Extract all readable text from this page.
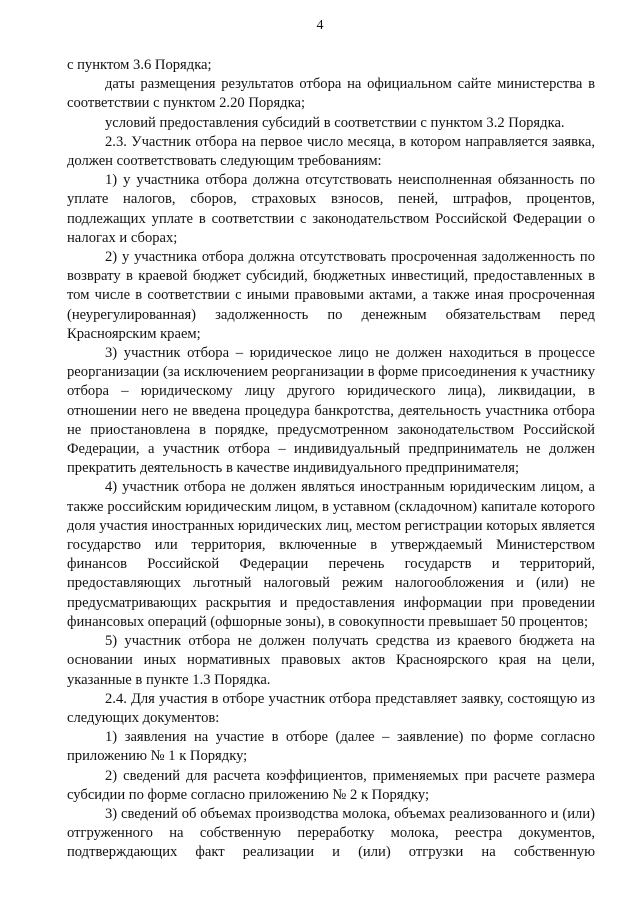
4

с пунктом 3.6 Порядка;

даты размещения результатов отбора на официальном сайте министерства в соответствии с пунктом 2.20 Порядка;

условий предоставления субсидий в соответствии с пунктом 3.2 Порядка.

2.3. Участник отбора на первое число месяца, в котором направляется заявка, должен соответствовать следующим требованиям:

1) у участника отбора должна отсутствовать неисполненная обязанность по уплате налогов, сборов, страховых взносов, пеней, штрафов, процентов, подлежащих уплате в соответствии с законодательством Российской Федерации о налогах и сборах;

2) у участника отбора должна отсутствовать просроченная задолженность по возврату в краевой бюджет субсидий, бюджетных инвестиций, предоставленных в том числе в соответствии с иными правовыми актами, а также иная просроченная (неурегулированная) задолженность по денежным обязательствам перед Красноярским краем;

3) участник отбора – юридическое лицо не должен находиться в процессе реорганизации (за исключением реорганизации в форме присоединения к участнику отбора – юридическому лицу другого юридического лица), ликвидации, в отношении него не введена процедура банкротства, деятельность участника отбора не приостановлена в порядке, предусмотренном законодательством Российской Федерации, а участник отбора – индивидуальный предприниматель не должен прекратить деятельность в качестве индивидуального предпринимателя;

4) участник отбора не должен являться иностранным юридическим лицом, а также российским юридическим лицом, в уставном (складочном) капитале которого доля участия иностранных юридических лиц, местом регистрации которых является государство или территория, включенные в утверждаемый Министерством финансов Российской Федерации перечень государств и территорий, предоставляющих льготный налоговый режим налогообложения и (или) не предусматривающих раскрытия и предоставления информации при проведении финансовых операций (офшорные зоны), в совокупности превышает 50 процентов;

5) участник отбора не должен получать средства из краевого бюджета на основании иных нормативных правовых актов Красноярского края на цели, указанные в пункте 1.3 Порядка.

2.4. Для участия в отборе участник отбора представляет заявку, состоящую из следующих документов:

1) заявления на участие в отборе (далее – заявление) по форме согласно приложению № 1 к Порядку;

2) сведений для расчета коэффициентов, применяемых при расчете размера субсидии по форме согласно приложению № 2 к Порядку;

3) сведений об объемах производства молока, объемах реализованного и (или) отгруженного на собственную переработку молока, реестра документов, подтверждающих факт реализации и (или) отгрузки на собственную
